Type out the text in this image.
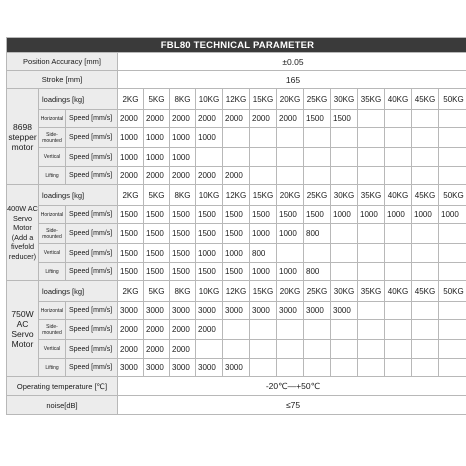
FBL80 TECHNICAL PARAMETER															
Position Accuracy [mm]			±0.05												
Stroke [mm]			165												
8698 stepper motor	loadings [kg]		2KG	5KG	8KG	10KG	12KG	15KG	20KG	25KG	30KG	35KG	40KG	45KG	50KG
	Horizontal	Speed [mm/s]	2000	2000	2000	2000	2000	2000	2000	1500	1500				
	Side-mounted	Speed [mm/s]	1000	1000	1000	1000									
	Vertical	Speed [mm/s]	1000	1000	1000										
	Lifting	Speed [mm/s]	2000	2000	2000	2000	2000								
400W AC Servo Motor (Add a fivefold reducer)	loadings [kg]		2KG	5KG	8KG	10KG	12KG	15KG	20KG	25KG	30KG	35KG	40KG	45KG	50KG
	Horizontal	Speed [mm/s]	1500	1500	1500	1500	1500	1500	1500	1500	1000	1000	1000	1000	1000
	Side-mounted	Speed [mm/s]	1500	1500	1500	1500	1500	1000	1000	800					
	Vertical	Speed [mm/s]	1500	1500	1500	1000	1000	800							
	Lifting	Speed [mm/s]	1500	1500	1500	1500	1500	1000	1000	800					
750W AC Servo Motor	loadings [kg]		2KG	5KG	8KG	10KG	12KG	15KG	20KG	25KG	30KG	35KG	40KG	45KG	50KG
	Horizontal	Speed [mm/s]	3000	3000	3000	3000	3000	3000	3000	3000	3000				
	Side-mounted	Speed [mm/s]	2000	2000	2000	2000									
	Vertical	Speed [mm/s]	2000	2000	2000										
	Lifting	Speed [mm/s]	3000	3000	3000	3000	3000								
Operating temperature [℃]			-20℃—+50℃												
noise[dB]			≤75												
